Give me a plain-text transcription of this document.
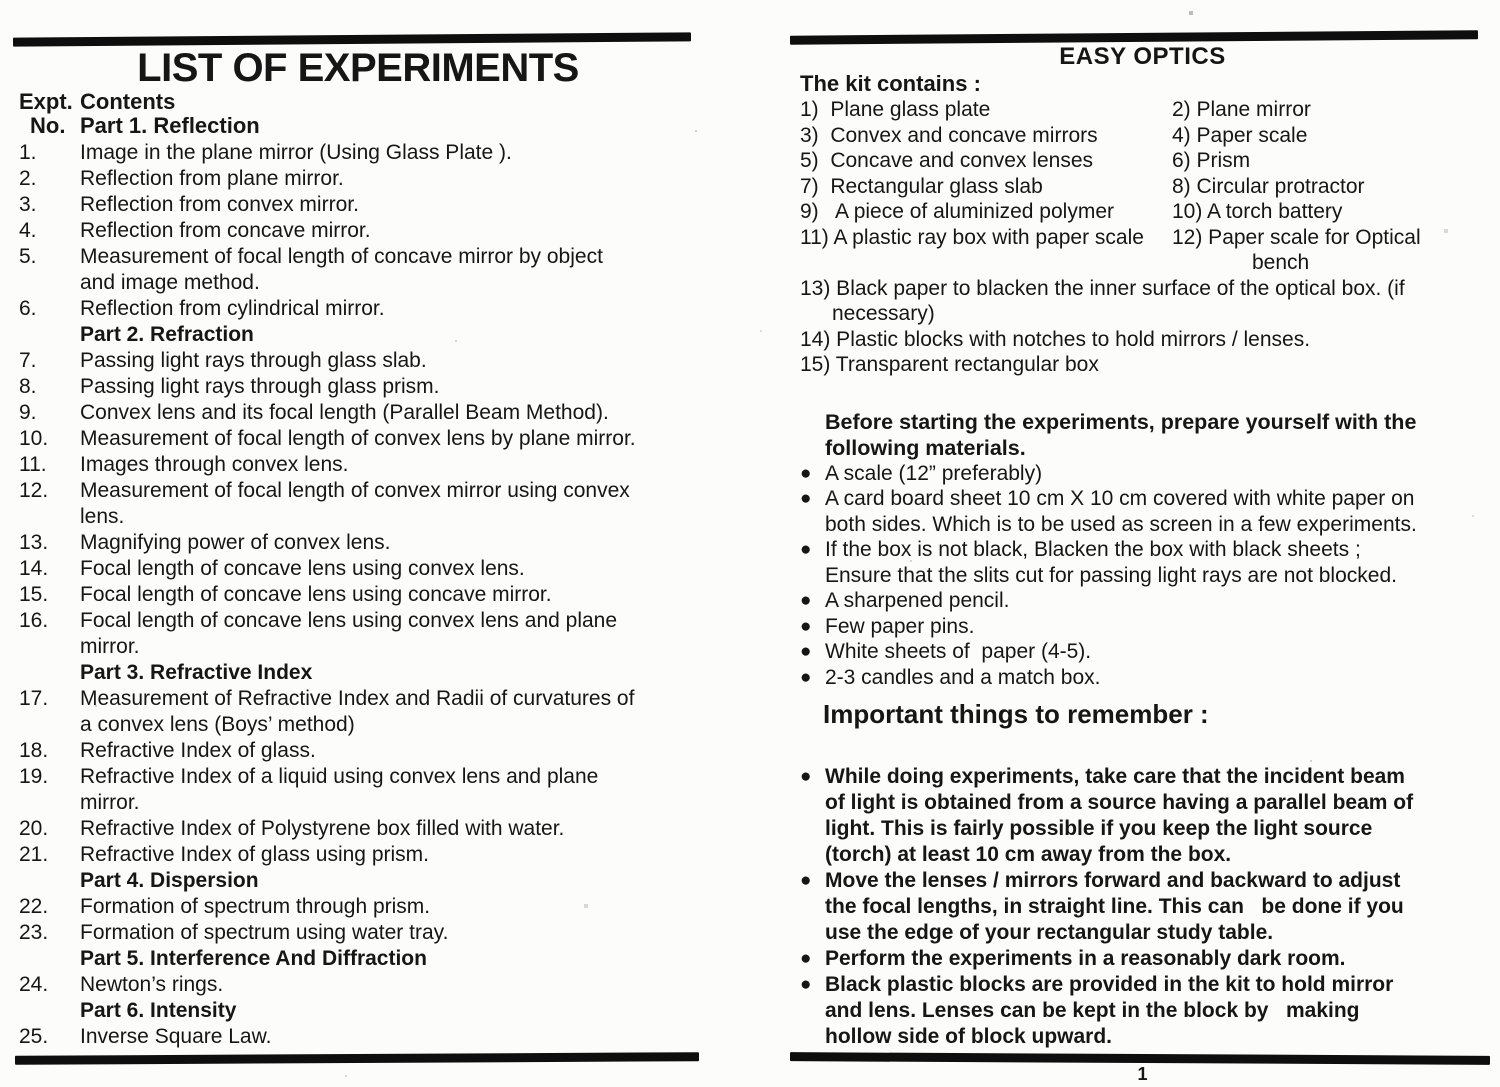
LIST OF EXPERIMENTS
Expt. Contents
No. Part 1. Reflection
1.	Image in the plane mirror (Using Glass Plate ).
2.	Reflection from plane mirror.
3.	Reflection from convex mirror.
4.	Reflection from concave mirror.
5.	Measurement of focal length of concave mirror by object
and image method.
6.	Reflection from cylindrical mirror.
Part 2. Refraction
7.	Passing light rays through glass slab.
8.	Passing light rays through glass prism.
9.	Convex lens and its focal length (Parallel Beam Method).
10.	Measurement of focal length of convex lens by plane mirror.
11.	Images through convex lens.
12.	Measurement of focal length of convex mirror using convex
lens.
13.	Magnifying power of convex lens.
14.	Focal length of concave lens using convex lens.
15.	Focal length of concave lens using concave mirror.
16.	Focal length of concave lens using convex lens and plane
mirror.
Part 3. Refractive Index
17.	Measurement of Refractive Index and Radii of curvatures of
a convex lens (Boys’ method)
18.	Refractive Index of glass.
19.	Refractive Index of a liquid using convex lens and plane
mirror.
20.	Refractive Index of Polystyrene box filled with water.
21.	Refractive Index of glass using prism.
Part 4. Dispersion
22.	Formation of spectrum through prism.
23.	Formation of spectrum using water tray.
Part 5. Interference And Diffraction
24.	Newton’s rings.
Part 6. Intensity
25.	Inverse Square Law.
EASY OPTICS
The kit contains :
1)  Plane glass plate	2) Plane mirror
3)  Convex and concave mirrors	4) Paper scale
5)  Concave and convex lenses	6) Prism
7)  Rectangular glass slab	8) Circular protractor
9)   A piece of aluminized polymer	10) A torch battery
11) A plastic ray box with paper scale	12) Paper scale for Optical
bench
13) Black paper to blacken the inner surface of the optical box. (if
necessary)
14) Plastic blocks with notches to hold mirrors / lenses.
15) Transparent rectangular box
Before starting the experiments, prepare yourself with the
following materials.
● A scale (12” preferably)
● A card board sheet 10 cm X 10 cm covered with white paper on
both sides. Which is to be used as screen in a few experiments.
● If the box is not black, Blacken the box with black sheets ;
Ensure that the slits cut for passing light rays are not blocked.
● A sharpened pencil.
● Few paper pins.
● White sheets of  paper (4-5).
● 2-3 candles and a match box.
Important things to remember :
● While doing experiments, take care that the incident beam
of light is obtained from a source having a parallel beam of
light. This is fairly possible if you keep the light source
(torch) at least 10 cm away from the box.
● Move the lenses / mirrors forward and backward to adjust
the focal lengths, in straight line. This can   be done if you
use the edge of your rectangular study table.
● Perform the experiments in a reasonably dark room.
● Black plastic blocks are provided in the kit to hold mirror
and lens. Lenses can be kept in the block by   making
hollow side of block upward.
1
